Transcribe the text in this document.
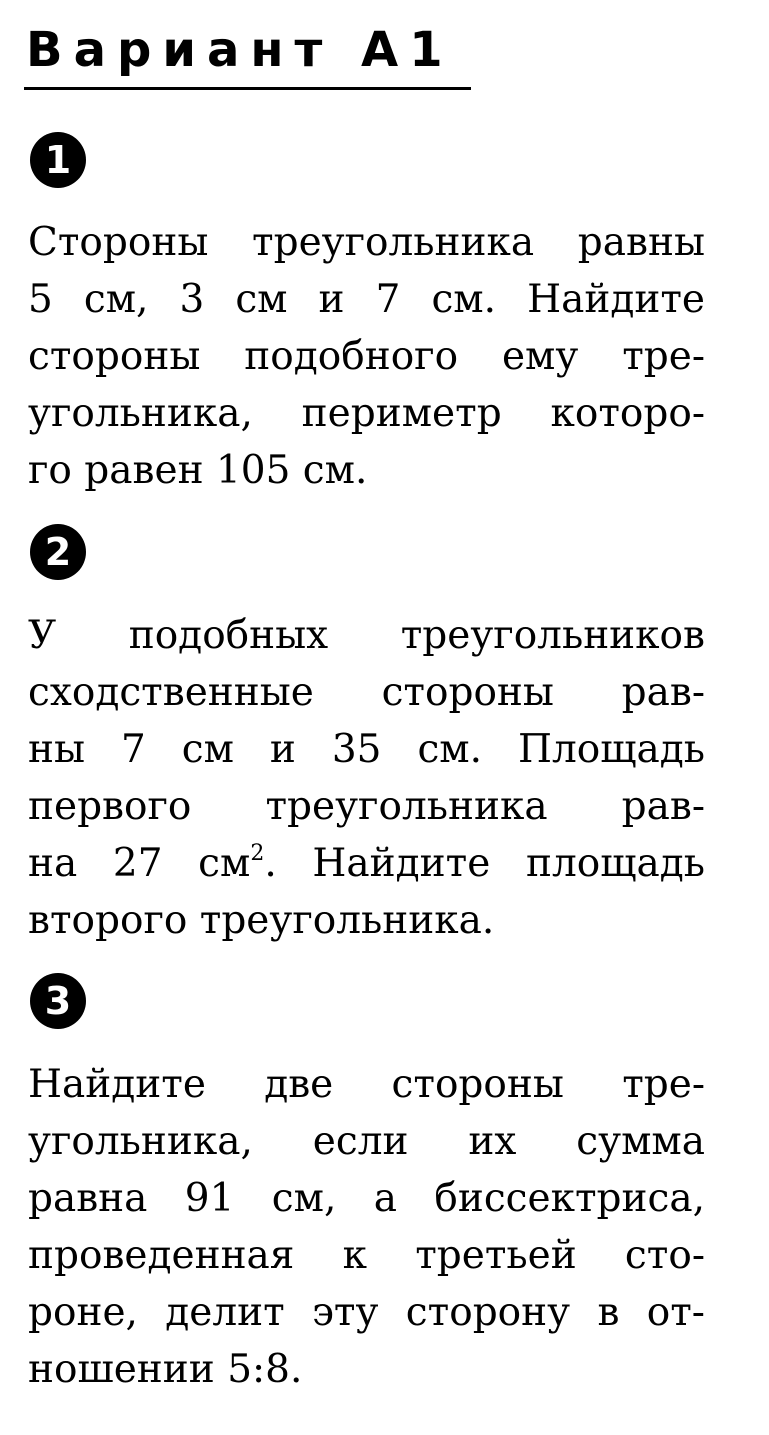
Вариант А1
1
Стороны треугольника равны
5 см, 3 см и 7 см. Найдите
стороны подобного ему тре-
угольника, периметр которо-
го равен 105 см.
2
У подобных треугольников
сходственные стороны рав-
ны 7 см и 35 см. Площадь
первого треугольника рав-
на 27 $см^2$. Найдите площадь
второго треугольника.
3
Найдите две стороны тре-
угольника, если их сумма
равна 91 см, а биссектриса,
проведенная к третьей сто-
роне, делит эту сторону в от-
ношении 5:8.
